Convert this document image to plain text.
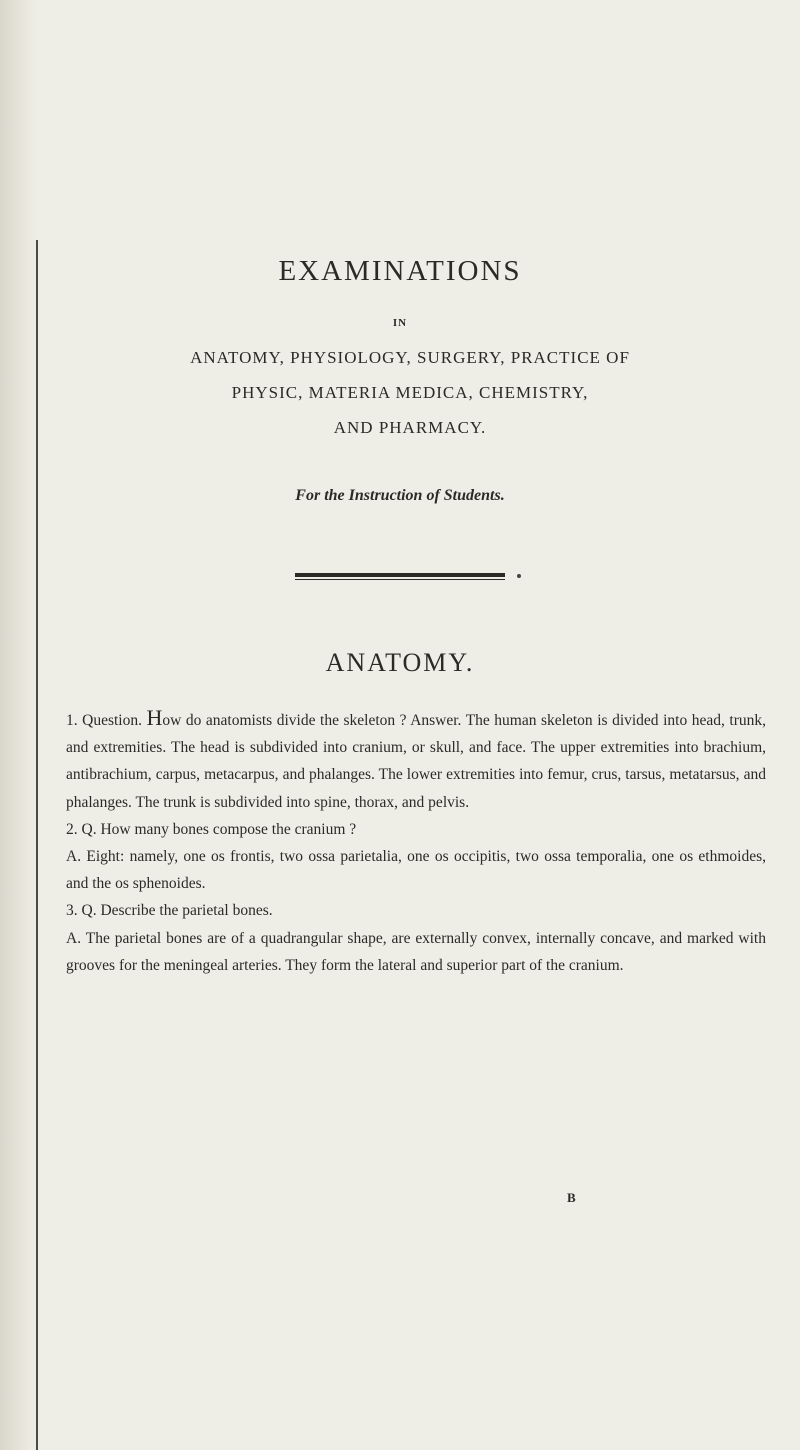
EXAMINATIONS
IN
ANATOMY, PHYSIOLOGY, SURGERY, PRACTICE OF
PHYSIC, MATERIA MEDICA, CHEMISTRY,
AND PHARMACY.
For the Instruction of Students.
ANATOMY.

1. Question. How do anatomists divide the skeleton ? Answer. The human skeleton is divided into head, trunk, and extremities. The head is subdivided into cranium, or skull, and face. The upper extremities into brachium, antibrachium, carpus, metacarpus, and phalanges. The lower extremities into femur, crus, tarsus, metatarsus, and phalanges. The trunk is subdivided into spine, thorax, and pelvis.

2. Q. How many bones compose the cranium ?

A. Eight: namely, one os frontis, two ossa parietalia, one os occipitis, two ossa temporalia, one os ethmoides, and the os sphenoides.

3. Q. Describe the parietal bones.

A. The parietal bones are of a quadrangular shape, are externally convex, internally concave, and marked with grooves for the meningeal arteries. They form the lateral and superior part of the cranium.

B
